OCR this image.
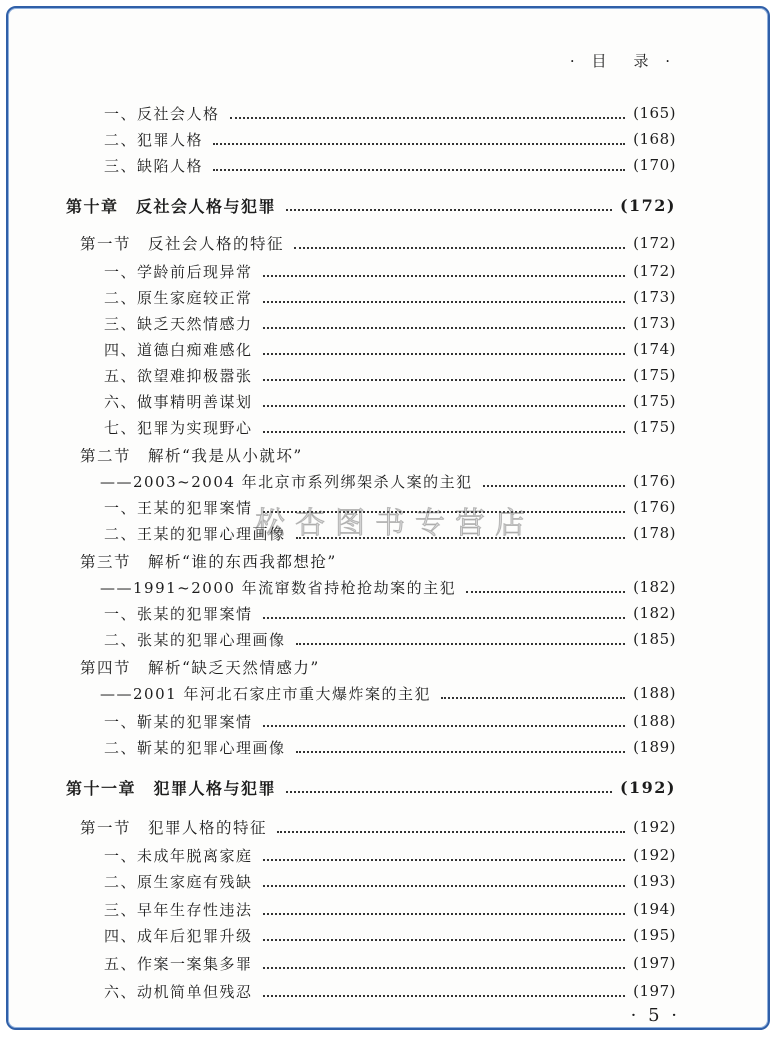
· 目　录 ·
一、反社会人格	(165)
二、犯罪人格	(168)
三、缺陷人格	(170)
第十章　反社会人格与犯罪	(172)
第一节　反社会人格的特征	(172)
一、学龄前后现异常	(172)
二、原生家庭较正常	(173)
三、缺乏天然情感力	(173)
四、道德白痴难感化	(174)
五、欲望难抑极嚣张	(175)
六、做事精明善谋划	(175)
七、犯罪为实现野心	(175)
第二节　解析“我是从小就坏”
——2003~2004 年北京市系列绑架杀人案的主犯	(176)
一、王某的犯罪案情	(176)
二、王某的犯罪心理画像	(178)
第三节　解析“谁的东西我都想抢”
——1991~2000 年流窜数省持枪抢劫案的主犯	(182)
一、张某的犯罪案情	(182)
二、张某的犯罪心理画像	(185)
第四节　解析“缺乏天然情感力”
——2001 年河北石家庄市重大爆炸案的主犯	(188)
一、靳某的犯罪案情	(188)
二、靳某的犯罪心理画像	(189)
第十一章　犯罪人格与犯罪	(192)
第一节　犯罪人格的特征	(192)
一、未成年脱离家庭	(192)
二、原生家庭有残缺	(193)
三、早年生存性违法	(194)
四、成年后犯罪升级	(195)
五、作案一案集多罪	(197)
六、动机简单但残忍	(197)
松杏图书专营店
· 5 ·
